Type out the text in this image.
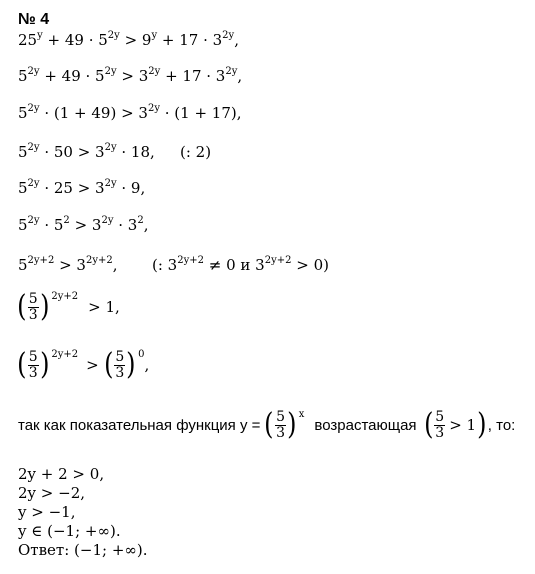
№ 4
$25^y + 49 \cdot 5^{2y} > 9^y + 17 \cdot 3^{2y}$,
$5^{2y} + 49 \cdot 5^{2y} > 3^{2y} + 17 \cdot 3^{2y}$,
$5^{2y} \cdot (1 + 49) > 3^{2y} \cdot (1 + 17)$,
$5^{2y} \cdot 50 > 3^{2y} \cdot 18$, (: 2)
$5^{2y} \cdot 25 > 3^{2y} \cdot 9$,
$5^{2y} \cdot 5^2 > 3^{2y} \cdot 3^2$,
$5^{2y+2} > 3^{2y+2}$, (: $3^{2y+2} \ne 0$ и $3^{2y+2} > 0$)
( $\frac{5}{3}$ ) 2y+2
> 1,
( $\frac{5}{3}$ ) 2y+2
> ( $\frac{5}{3}$ ) 0
,
так как показательная функция y = ( $\frac{5}{3}$ ) x
возрастающая ( $\frac{5}{3} > 1$ ) , то:
2y + 2 > 0,
2y > −2,
y > −1,
y ∈ (−1; +∞).
Ответ: (−1; +∞).
